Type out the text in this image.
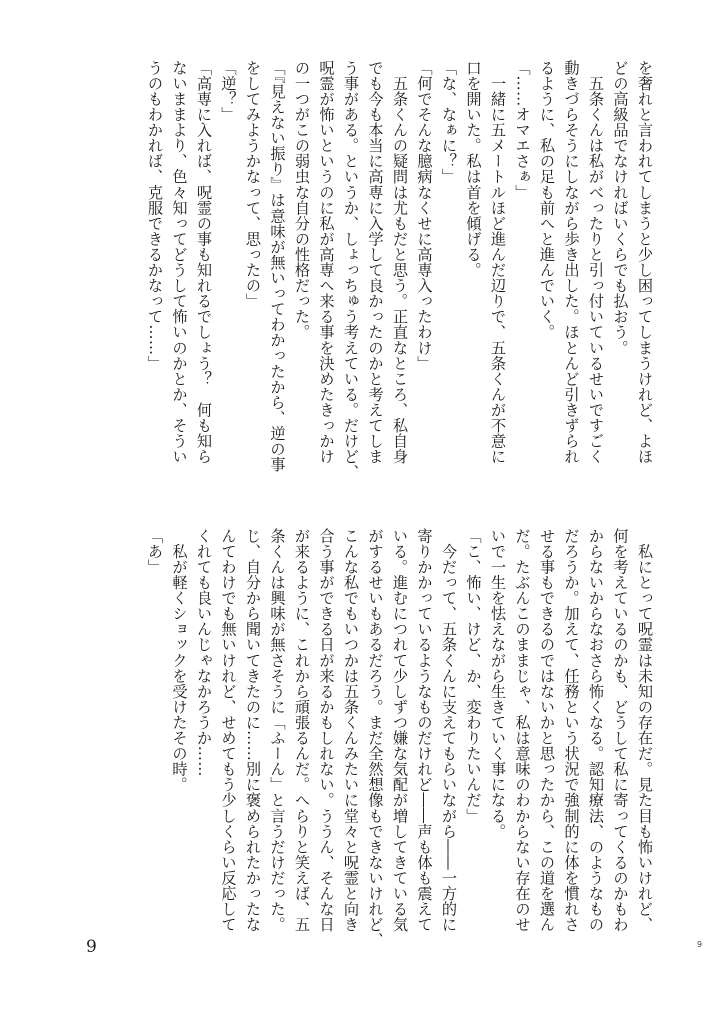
を奢れと言われてしまうと少し困ってしまうけれど、よほ
どの高級品でなければいくらでも払おう。
　五条くんは私がべったりと引っ付いているせいですごく
動きづらそうにしながら歩き出した。ほとんど引きずられ
るように、私の足も前へと進んでいく。
「……オマエさぁ」
　一緒に五メートルほど進んだ辺りで、五条くんが不意に
口を開いた。私は首を傾げる。
「な、なぁに？」
「何でそんな臆病なくせに高専入ったわけ」
　五条くんの疑問は尤もだと思う。正直なところ、私自身
でも今も本当に高専に入学して良かったのかと考えてしま
う事がある。というか、しょっちゅう考えている。だけど、
呪霊が怖いというのに私が高専へ来る事を決めたきっかけ
の一つがこの弱虫な自分の性格だった。
「『見えない振り』は意味が無いってわかったから、逆の事
をしてみようかなって、思ったの」
「逆？」
「高専に入れば、呪霊の事も知れるでしょう？　何も知ら
ないままより、色々知ってどうして怖いのかとか、そうい
うのもわかれば、克服できるかなって……」
　私にとって呪霊は未知の存在だ。見た目も怖いけれど、
何を考えているのかも、どうして私に寄ってくるのかもわ
からないからなおさら怖くなる。認知療法、のようなもの
だろうか。加えて、任務という状況で強制的に体を慣れさ
せる事もできるのではないかと思ったから、この道を選ん
だ。たぶんこのままじゃ、私は意味のわからない存在のせ
いで一生を怯えながら生きていく事になる。
「こ、怖い、けど、か、変わりたいんだ」
　今だって、五条くんに支えてもらいながら――一方的に
寄りかかっているようなものだけれど――声も体も震えて
いる。進むにつれて少しずつ嫌な気配が増してきている気
がするせいもあるだろう。まだ全然想像もできないけれど、
こんな私でもいつかは五条くんみたいに堂々と呪霊と向き
合う事ができる日が来るかもしれない。ううん、そんな日
が来るように、これから頑張るんだ。へらりと笑えば、五
条くんは興味が無さそうに「ふーん」と言うだけだった。
じ、自分から聞いてきたのに……別に褒められたかったな
んてわけでも無いけれど、せめてもう少しくらい反応して
くれても良いんじゃなかろうか……
　私が軽くショックを受けたその時。
「あ」
9	9
